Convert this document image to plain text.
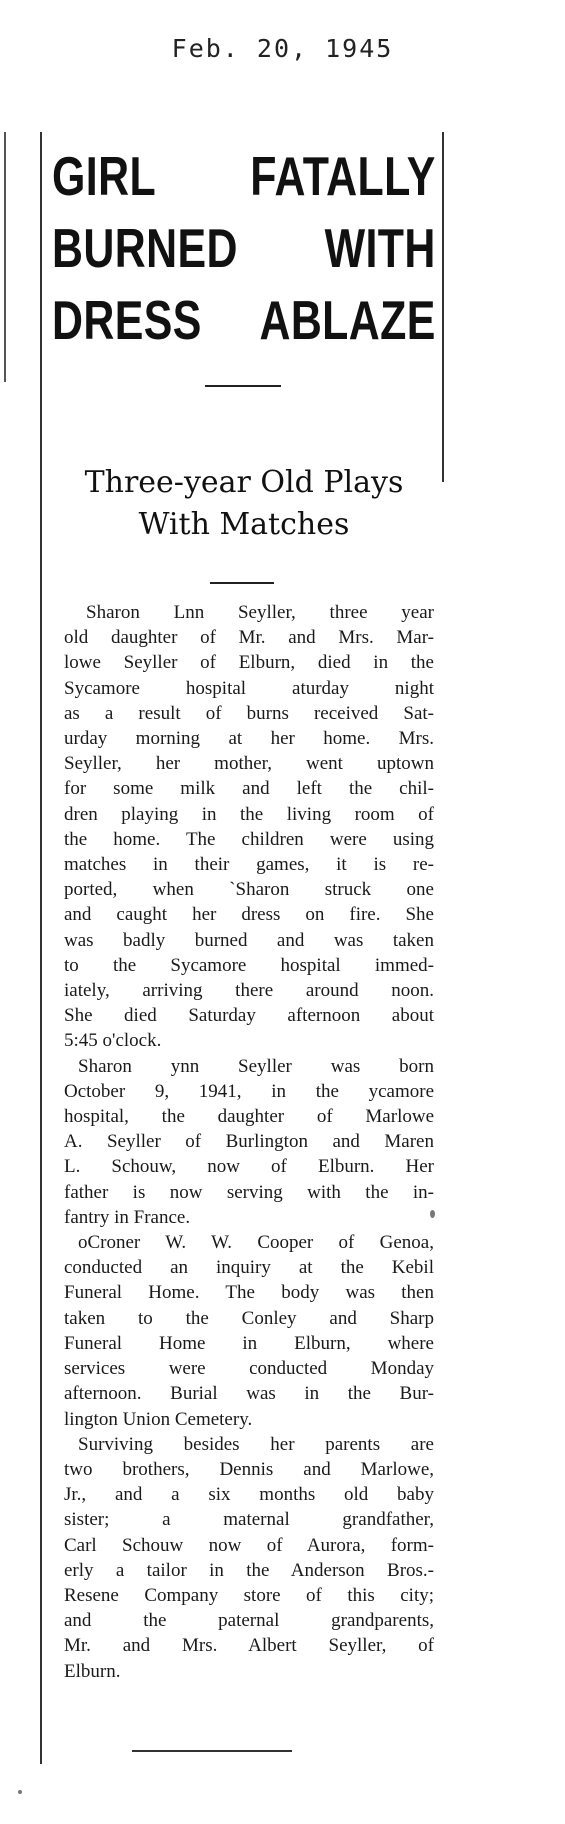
Feb. 20, 1945
GIRL FATALLY
BURNED WITH
DRESS ABLAZE
Three-year Old Plays
With Matches
Sharon Lnn Seyller, three year
old daughter of Mr. and Mrs. Mar-
lowe Seyller of Elburn, died in the
Sycamore hospital aturday night
as a result of burns received Sat-
urday morning at her home. Mrs.
Seyller, her mother, went uptown
for some milk and left the chil-
dren playing in the living room of
the home. The children were using
matches in their games, it is re-
ported, when `Sharon struck one
and caught her dress on fire. She
was badly burned and was taken
to the Sycamore hospital immed-
iately, arriving there around noon.
She died Saturday afternoon about
5:45 o'clock.
Sharon ynn Seyller was born
October 9, 1941, in the ycamore
hospital, the daughter of Marlowe
A. Seyller of Burlington and Maren
L. Schouw, now of Elburn. Her
father is now serving with the in-
fantry in France.
oCroner W. W. Cooper of Genoa,
conducted an inquiry at the Kebil
Funeral Home. The body was then
taken to the Conley and Sharp
Funeral Home in Elburn, where
services were conducted Monday
afternoon. Burial was in the Bur-
lington Union Cemetery.
Surviving besides her parents are
two brothers, Dennis and Marlowe,
Jr., and a six months old baby
sister; a maternal grandfather,
Carl Schouw now of Aurora, form-
erly a tailor in the Anderson Bros.-
Resene Company store of this city;
and the paternal grandparents,
Mr. and Mrs. Albert Seyller, of
Elburn.
